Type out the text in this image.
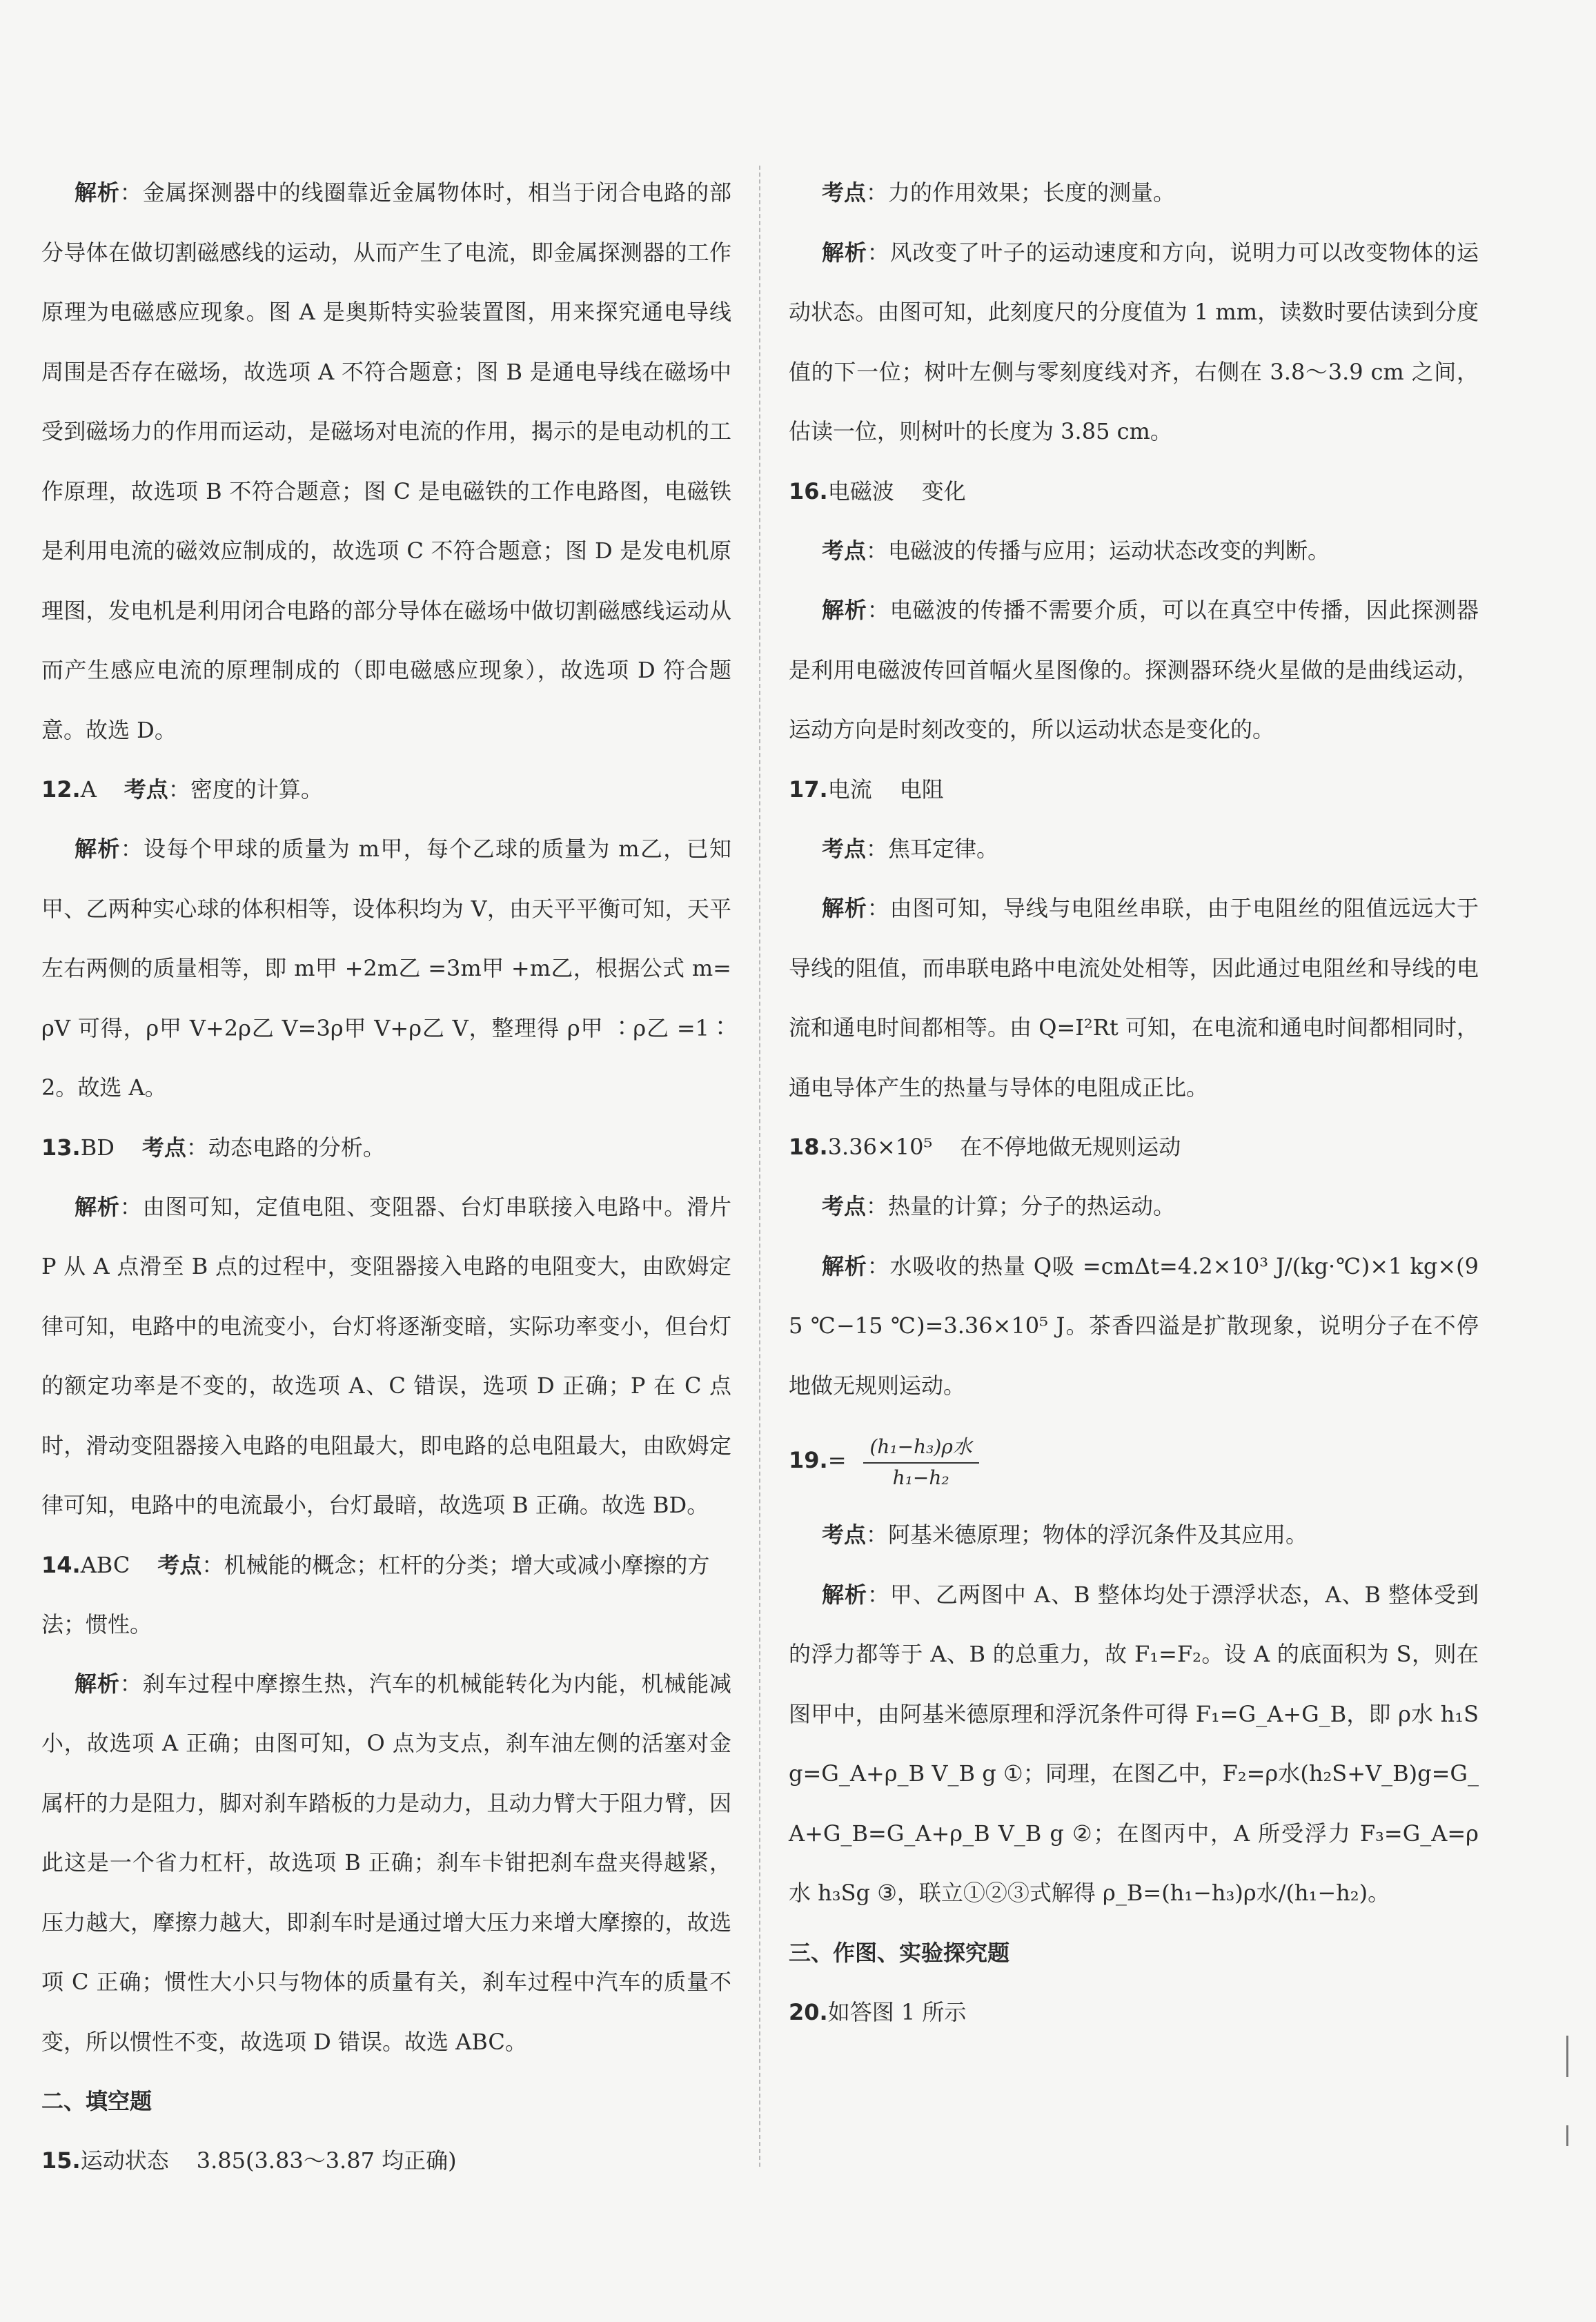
解析：金属探测器中的线圈靠近金属物体时，相当于闭合电路的部分导体在做切割磁感线的运动，从而产生了电流，即金属探测器的工作原理为电磁感应现象。图 A 是奥斯特实验装置图，用来探究通电导线周围是否存在磁场，故选项 A 不符合题意；图 B 是通电导线在磁场中受到磁场力的作用而运动，是磁场对电流的作用，揭示的是电动机的工作原理，故选项 B 不符合题意；图 C 是电磁铁的工作电路图，电磁铁是利用电流的磁效应制成的，故选项 C 不符合题意；图 D 是发电机原理图，发电机是利用闭合电路的部分导体在磁场中做切割磁感线运动从而产生感应电流的原理制成的（即电磁感应现象），故选项 D 符合题意。故选 D。

12.A 考点：密度的计算。

解析：设每个甲球的质量为 m甲，每个乙球的质量为 m乙，已知甲、乙两种实心球的体积相等，设体积均为 V，由天平平衡可知，天平左右两侧的质量相等，即 m甲 +2m乙 =3m甲 +m乙，根据公式 m=ρV 可得，ρ甲 V+2ρ乙 V=3ρ甲 V+ρ乙 V，整理得 ρ甲 ∶ρ乙 =1∶2。故选 A。

13.BD 考点：动态电路的分析。

解析：由图可知，定值电阻、变阻器、台灯串联接入电路中。滑片 P 从 A 点滑至 B 点的过程中，变阻器接入电路的电阻变大，由欧姆定律可知，电路中的电流变小，台灯将逐渐变暗，实际功率变小，但台灯的额定功率是不变的，故选项 A、C 错误，选项 D 正确；P 在 C 点时，滑动变阻器接入电路的电阻最大，即电路的总电阻最大，由欧姆定律可知，电路中的电流最小，台灯最暗，故选项 B 正确。故选 BD。

14.ABC 考点：机械能的概念；杠杆的分类；增大或减小摩擦的方法；惯性。

解析：刹车过程中摩擦生热，汽车的机械能转化为内能，机械能减小，故选项 A 正确；由图可知，O 点为支点，刹车油左侧的活塞对金属杆的力是阻力，脚对刹车踏板的力是动力，且动力臂大于阻力臂，因此这是一个省力杠杆，故选项 B 正确；刹车卡钳把刹车盘夹得越紧，压力越大，摩擦力越大，即刹车时是通过增大压力来增大摩擦的，故选项 C 正确；惯性大小只与物体的质量有关，刹车过程中汽车的质量不变，所以惯性不变，故选项 D 错误。故选 ABC。

二、填空题

15.运动状态 3.85(3.83～3.87 均正确)

考点：力的作用效果；长度的测量。

解析：风改变了叶子的运动速度和方向，说明力可以改变物体的运动状态。由图可知，此刻度尺的分度值为 1 mm，读数时要估读到分度值的下一位；树叶左侧与零刻度线对齐，右侧在 3.8～3.9 cm 之间，估读一位，则树叶的长度为 3.85 cm。

16.电磁波 变化

考点：电磁波的传播与应用；运动状态改变的判断。

解析：电磁波的传播不需要介质，可以在真空中传播，因此探测器是利用电磁波传回首幅火星图像的。探测器环绕火星做的是曲线运动，运动方向是时刻改变的，所以运动状态是变化的。

17.电流 电阻

考点：焦耳定律。

解析：由图可知，导线与电阻丝串联，由于电阻丝的阻值远远大于导线的阻值，而串联电路中电流处处相等，因此通过电阻丝和导线的电流和通电时间都相等。由 Q=I²Rt 可知，在电流和通电时间都相同时，通电导体产生的热量与导体的电阻成正比。

18.3.36×10⁵ 在不停地做无规则运动

考点：热量的计算；分子的热运动。

解析：水吸收的热量 Q吸 =cmΔt=4.2×10³ J/(kg·℃)×1 kg×(95 ℃−15 ℃)=3.36×10⁵ J。茶香四溢是扩散现象，说明分子在不停地做无规则运动。

19. = $\frac{\text{(h₁−h₃)ρ水}}{\text{h₁−h₂}}$

考点：阿基米德原理；物体的浮沉条件及其应用。

解析：甲、乙两图中 A、B 整体均处于漂浮状态，A、B 整体受到的浮力都等于 A、B 的总重力，故 F₁=F₂。设 A 的底面积为 S，则在图甲中，由阿基米德原理和浮沉条件可得 F₁=G_A+G_B，即 ρ水 h₁Sg=G_A+ρ_B V_B g ①；同理，在图乙中，F₂=ρ水(h₂S+V_B)g=G_A+G_B=G_A+ρ_B V_B g ②；在图丙中，A 所受浮力 F₃=G_A=ρ水 h₃Sg ③，联立①②③式解得 ρ_B=(h₁−h₃)ρ水/(h₁−h₂)。

三、作图、实验探究题

20.如答图 1 所示
